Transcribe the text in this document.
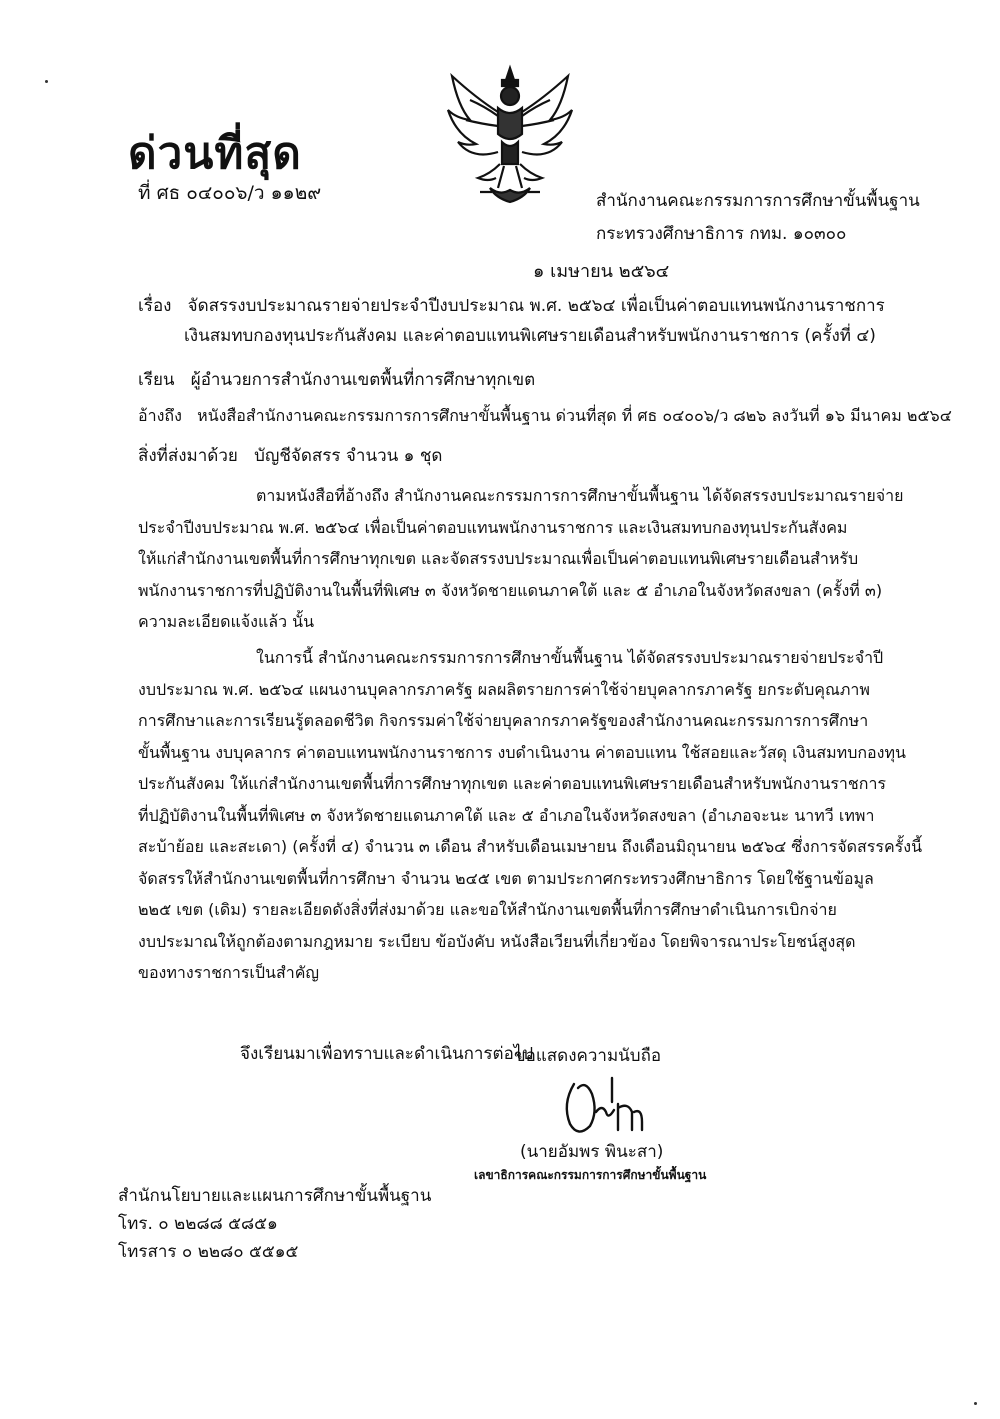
ด่วนที่สุด
ที่ ศธ ๐๔๐๐๖/ว ๑๑๒๙	สำนักงานคณะกรรมการการศึกษาขั้นพื้นฐาน
กระทรวงศึกษาธิการ กทม. ๑๐๓๐๐
๑ เมษายน ๒๕๖๔
เรื่อง จัดสรรงบประมาณรายจ่ายประจำปีงบประมาณ พ.ศ. ๒๕๖๔ เพื่อเป็นค่าตอบแทนพนักงานราชการ
เงินสมทบกองทุนประกันสังคม และค่าตอบแทนพิเศษรายเดือนสำหรับพนักงานราชการ (ครั้งที่ ๔)
เรียน ผู้อำนวยการสำนักงานเขตพื้นที่การศึกษาทุกเขต
อ้างถึง หนังสือสำนักงานคณะกรรมการการศึกษาขั้นพื้นฐาน ด่วนที่สุด ที่ ศธ ๐๔๐๐๖/ว ๘๒๖ ลงวันที่ ๑๖ มีนาคม ๒๕๖๔
สิ่งที่ส่งมาด้วย บัญชีจัดสรร จำนวน ๑ ชุด
ตามหนังสือที่อ้างถึง สำนักงานคณะกรรมการการศึกษาขั้นพื้นฐาน ได้จัดสรรงบประมาณรายจ่าย
ประจำปีงบประมาณ พ.ศ. ๒๕๖๔ เพื่อเป็นค่าตอบแทนพนักงานราชการ และเงินสมทบกองทุนประกันสังคม
ให้แก่สำนักงานเขตพื้นที่การศึกษาทุกเขต และจัดสรรงบประมาณเพื่อเป็นค่าตอบแทนพิเศษรายเดือนสำหรับ
พนักงานราชการที่ปฏิบัติงานในพื้นที่พิเศษ ๓ จังหวัดชายแดนภาคใต้ และ ๕ อำเภอในจังหวัดสงขลา (ครั้งที่ ๓)
ความละเอียดแจ้งแล้ว นั้น
ในการนี้ สำนักงานคณะกรรมการการศึกษาขั้นพื้นฐาน ได้จัดสรรงบประมาณรายจ่ายประจำปี
งบประมาณ พ.ศ. ๒๕๖๔ แผนงานบุคลากรภาครัฐ ผลผลิตรายการค่าใช้จ่ายบุคลากรภาครัฐ ยกระดับคุณภาพ
การศึกษาและการเรียนรู้ตลอดชีวิต กิจกรรมค่าใช้จ่ายบุคลากรภาครัฐของสำนักงานคณะกรรมการการศึกษา
ขั้นพื้นฐาน งบบุคลากร ค่าตอบแทนพนักงานราชการ งบดำเนินงาน ค่าตอบแทน ใช้สอยและวัสดุ เงินสมทบกองทุน
ประกันสังคม ให้แก่สำนักงานเขตพื้นที่การศึกษาทุกเขต และค่าตอบแทนพิเศษรายเดือนสำหรับพนักงานราชการ
ที่ปฏิบัติงานในพื้นที่พิเศษ ๓ จังหวัดชายแดนภาคใต้ และ ๕ อำเภอในจังหวัดสงขลา (อำเภอจะนะ นาทวี เทพา
สะบ้าย้อย และสะเดา) (ครั้งที่ ๔) จำนวน ๓ เดือน สำหรับเดือนเมษายน ถึงเดือนมิถุนายน ๒๕๖๔ ซึ่งการจัดสรรครั้งนี้
จัดสรรให้สำนักงานเขตพื้นที่การศึกษา จำนวน ๒๔๕ เขต ตามประกาศกระทรวงศึกษาธิการ โดยใช้ฐานข้อมูล
๒๒๕ เขต (เดิม) รายละเอียดดังสิ่งที่ส่งมาด้วย และขอให้สำนักงานเขตพื้นที่การศึกษาดำเนินการเบิกจ่าย
งบประมาณให้ถูกต้องตามกฎหมาย ระเบียบ ข้อบังคับ หนังสือเวียนที่เกี่ยวข้อง โดยพิจารณาประโยชน์สูงสุด
ของทางราชการเป็นสำคัญ
จึงเรียนมาเพื่อทราบและดำเนินการต่อไป
ขอแสดงความนับถือ
(นายอัมพร พินะสา)
เลขาธิการคณะกรรมการการศึกษาขั้นพื้นฐาน
สำนักนโยบายและแผนการศึกษาขั้นพื้นฐาน
โทร. ๐ ๒๒๘๘ ๕๘๕๑
โทรสาร ๐ ๒๒๘๐ ๕๕๑๕
